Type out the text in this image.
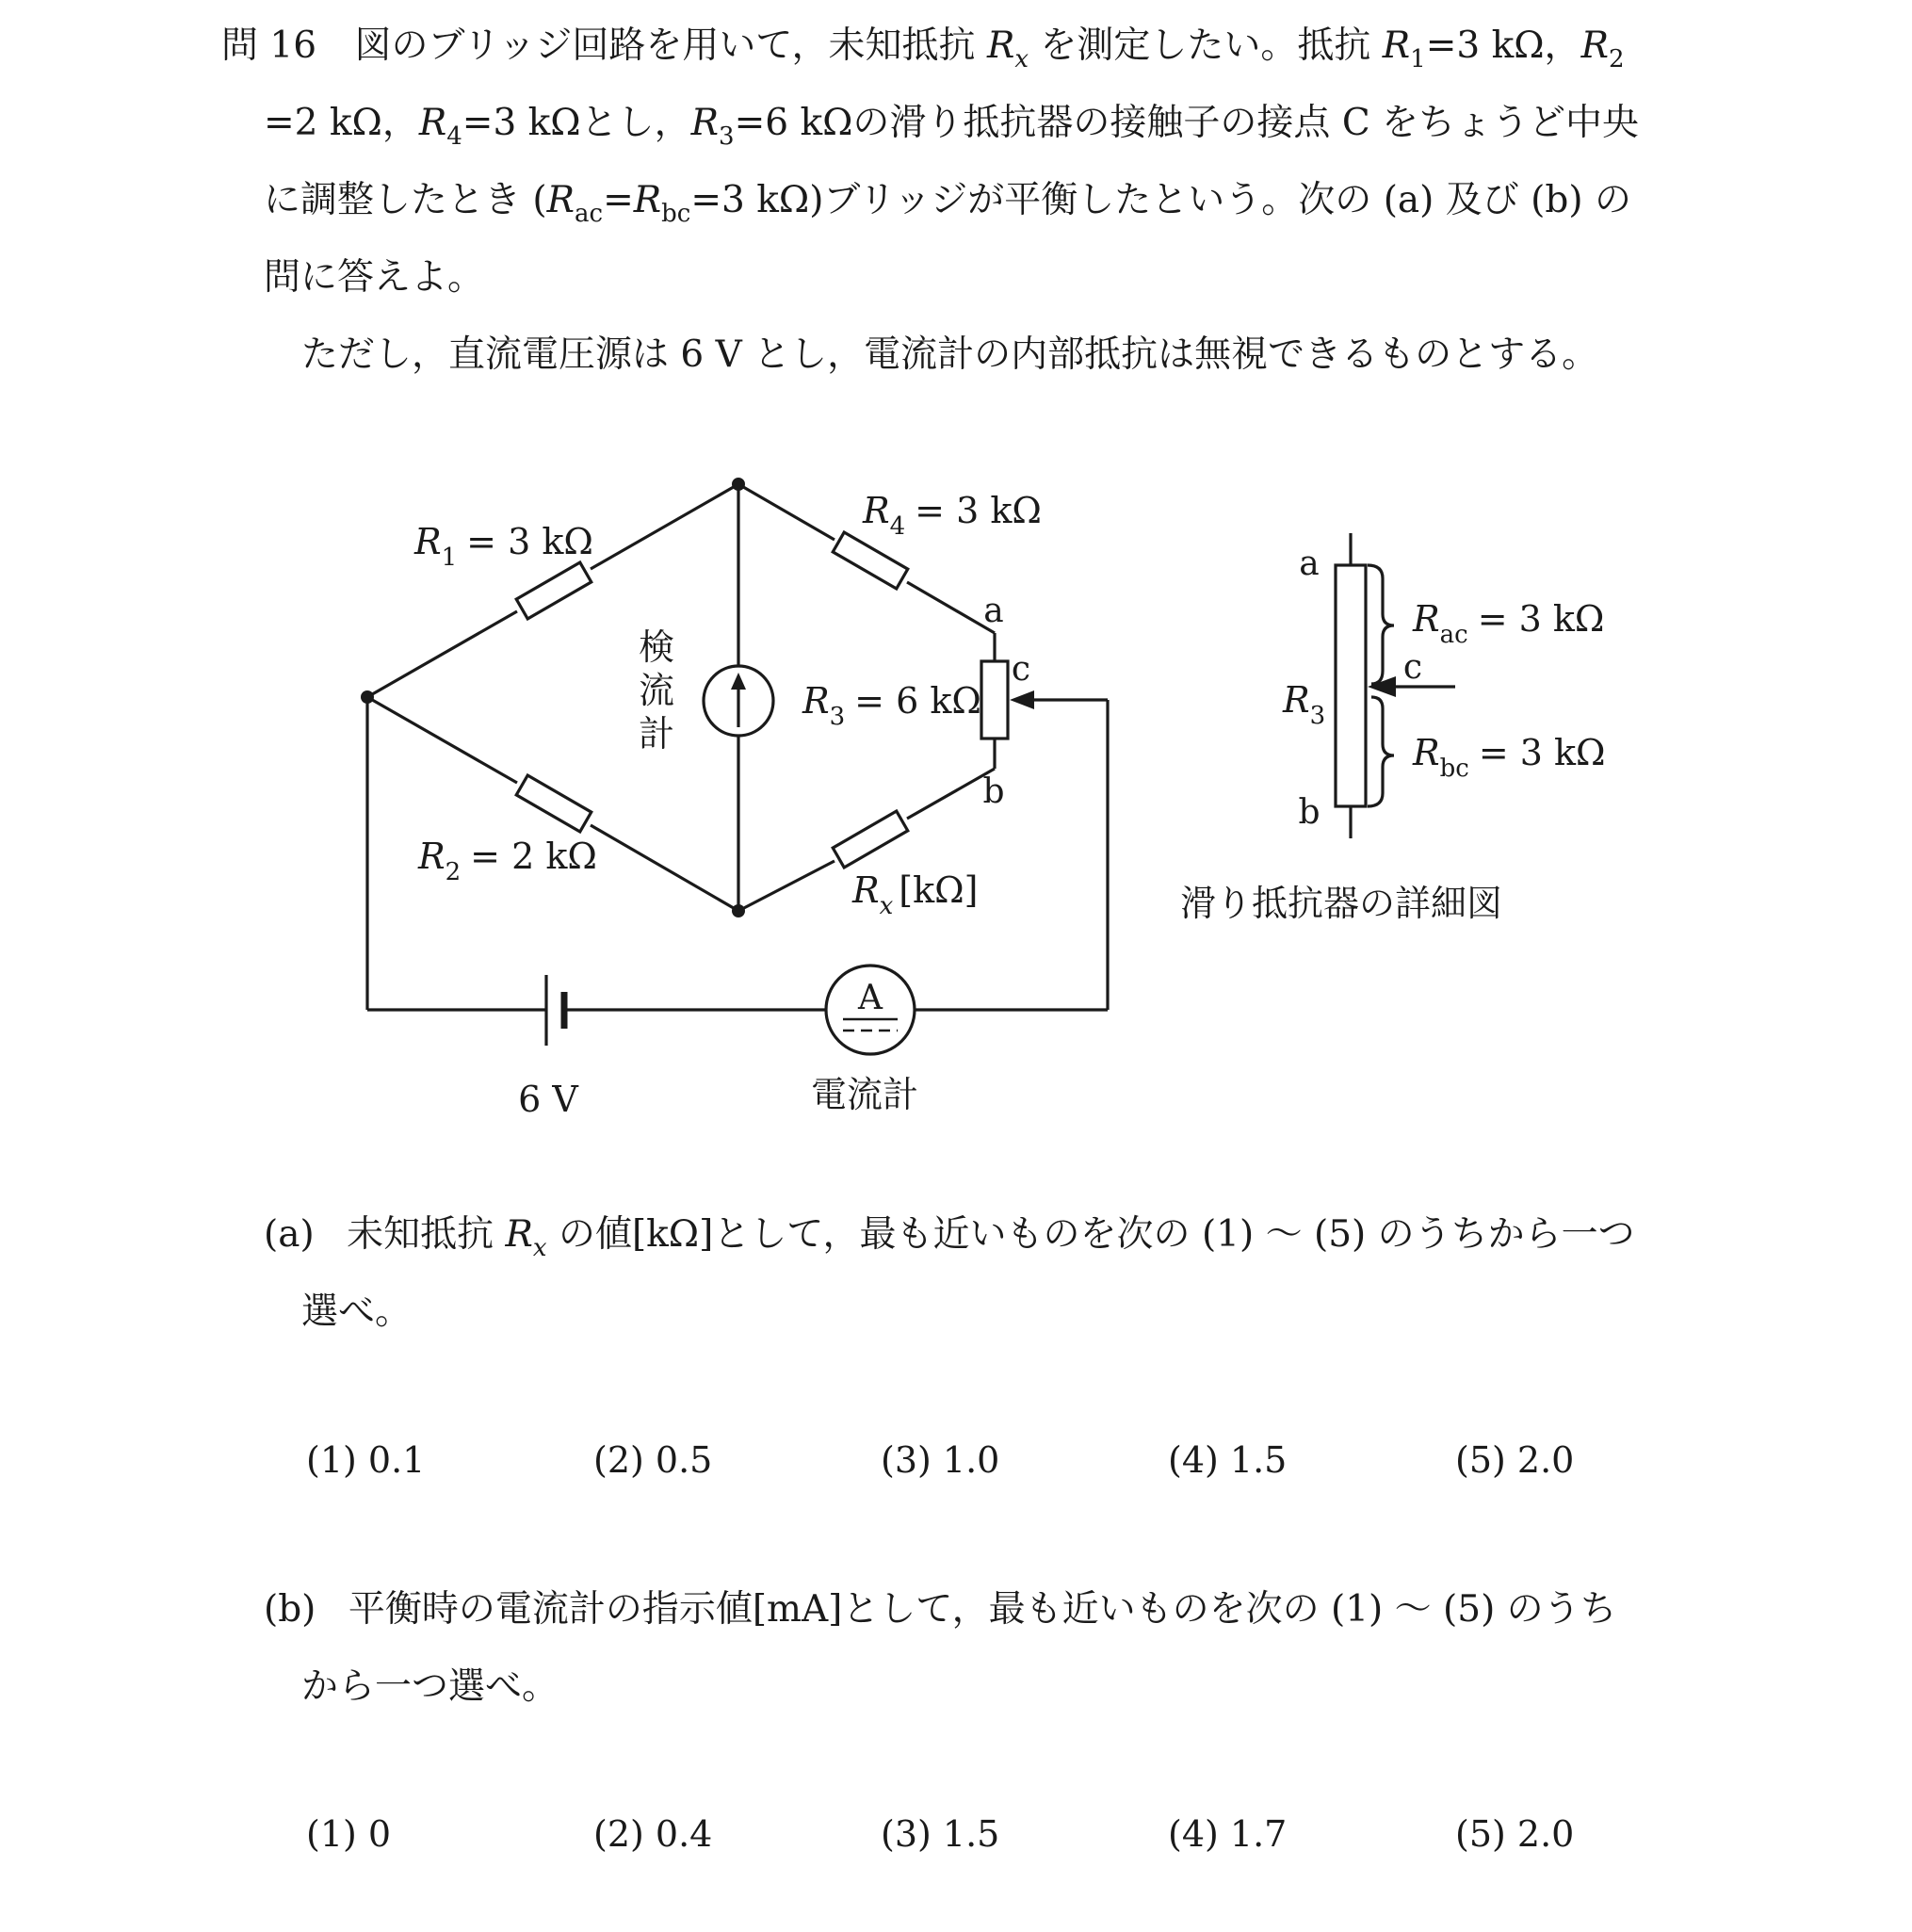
問 16 図のブリッジ回路を用いて，未知抵抗 $R_x$ を測定したい。抵抗 $R_1=3$ kΩ，$R_2$
=2 kΩ，$R_4=3$ kΩとし，$R_3=6$ kΩの滑り抵抗器の接触子の接点 C をちょうど中央
に調整したとき ($R_{ac}=R_{bc}=3$ kΩ)ブリッジが平衡したという。次の (a) 及び (b) の
問に答えよ。
ただし，直流電圧源は 6 V とし，電流計の内部抵抗は無視できるものとする。
A
$R_1 = 3$ kΩ
$R_2 = 2$ kΩ
$R_4 = 3$ kΩ
$R_3 = 6$ kΩ
$R_x$ [kΩ]
検
流
計
a
b
c
6 V	電流計
a
b
c
$R_3$
$R_{ac} = 3$ kΩ
$R_{bc} = 3$ kΩ
滑り抵抗器の詳細図
(a) 未知抵抗 $R_x$ の値[kΩ]として，最も近いものを次の (1) ～ (5) のうちから一つ
選べ。
(1) 0.1	(2) 0.5	(3) 1.0	(4) 1.5	(5) 2.0
(b) 平衡時の電流計の指示値[mA]として，最も近いものを次の (1) ～ (5) のうち
から一つ選べ。
(1) 0	(2) 0.4	(3) 1.5	(4) 1.7	(5) 2.0
